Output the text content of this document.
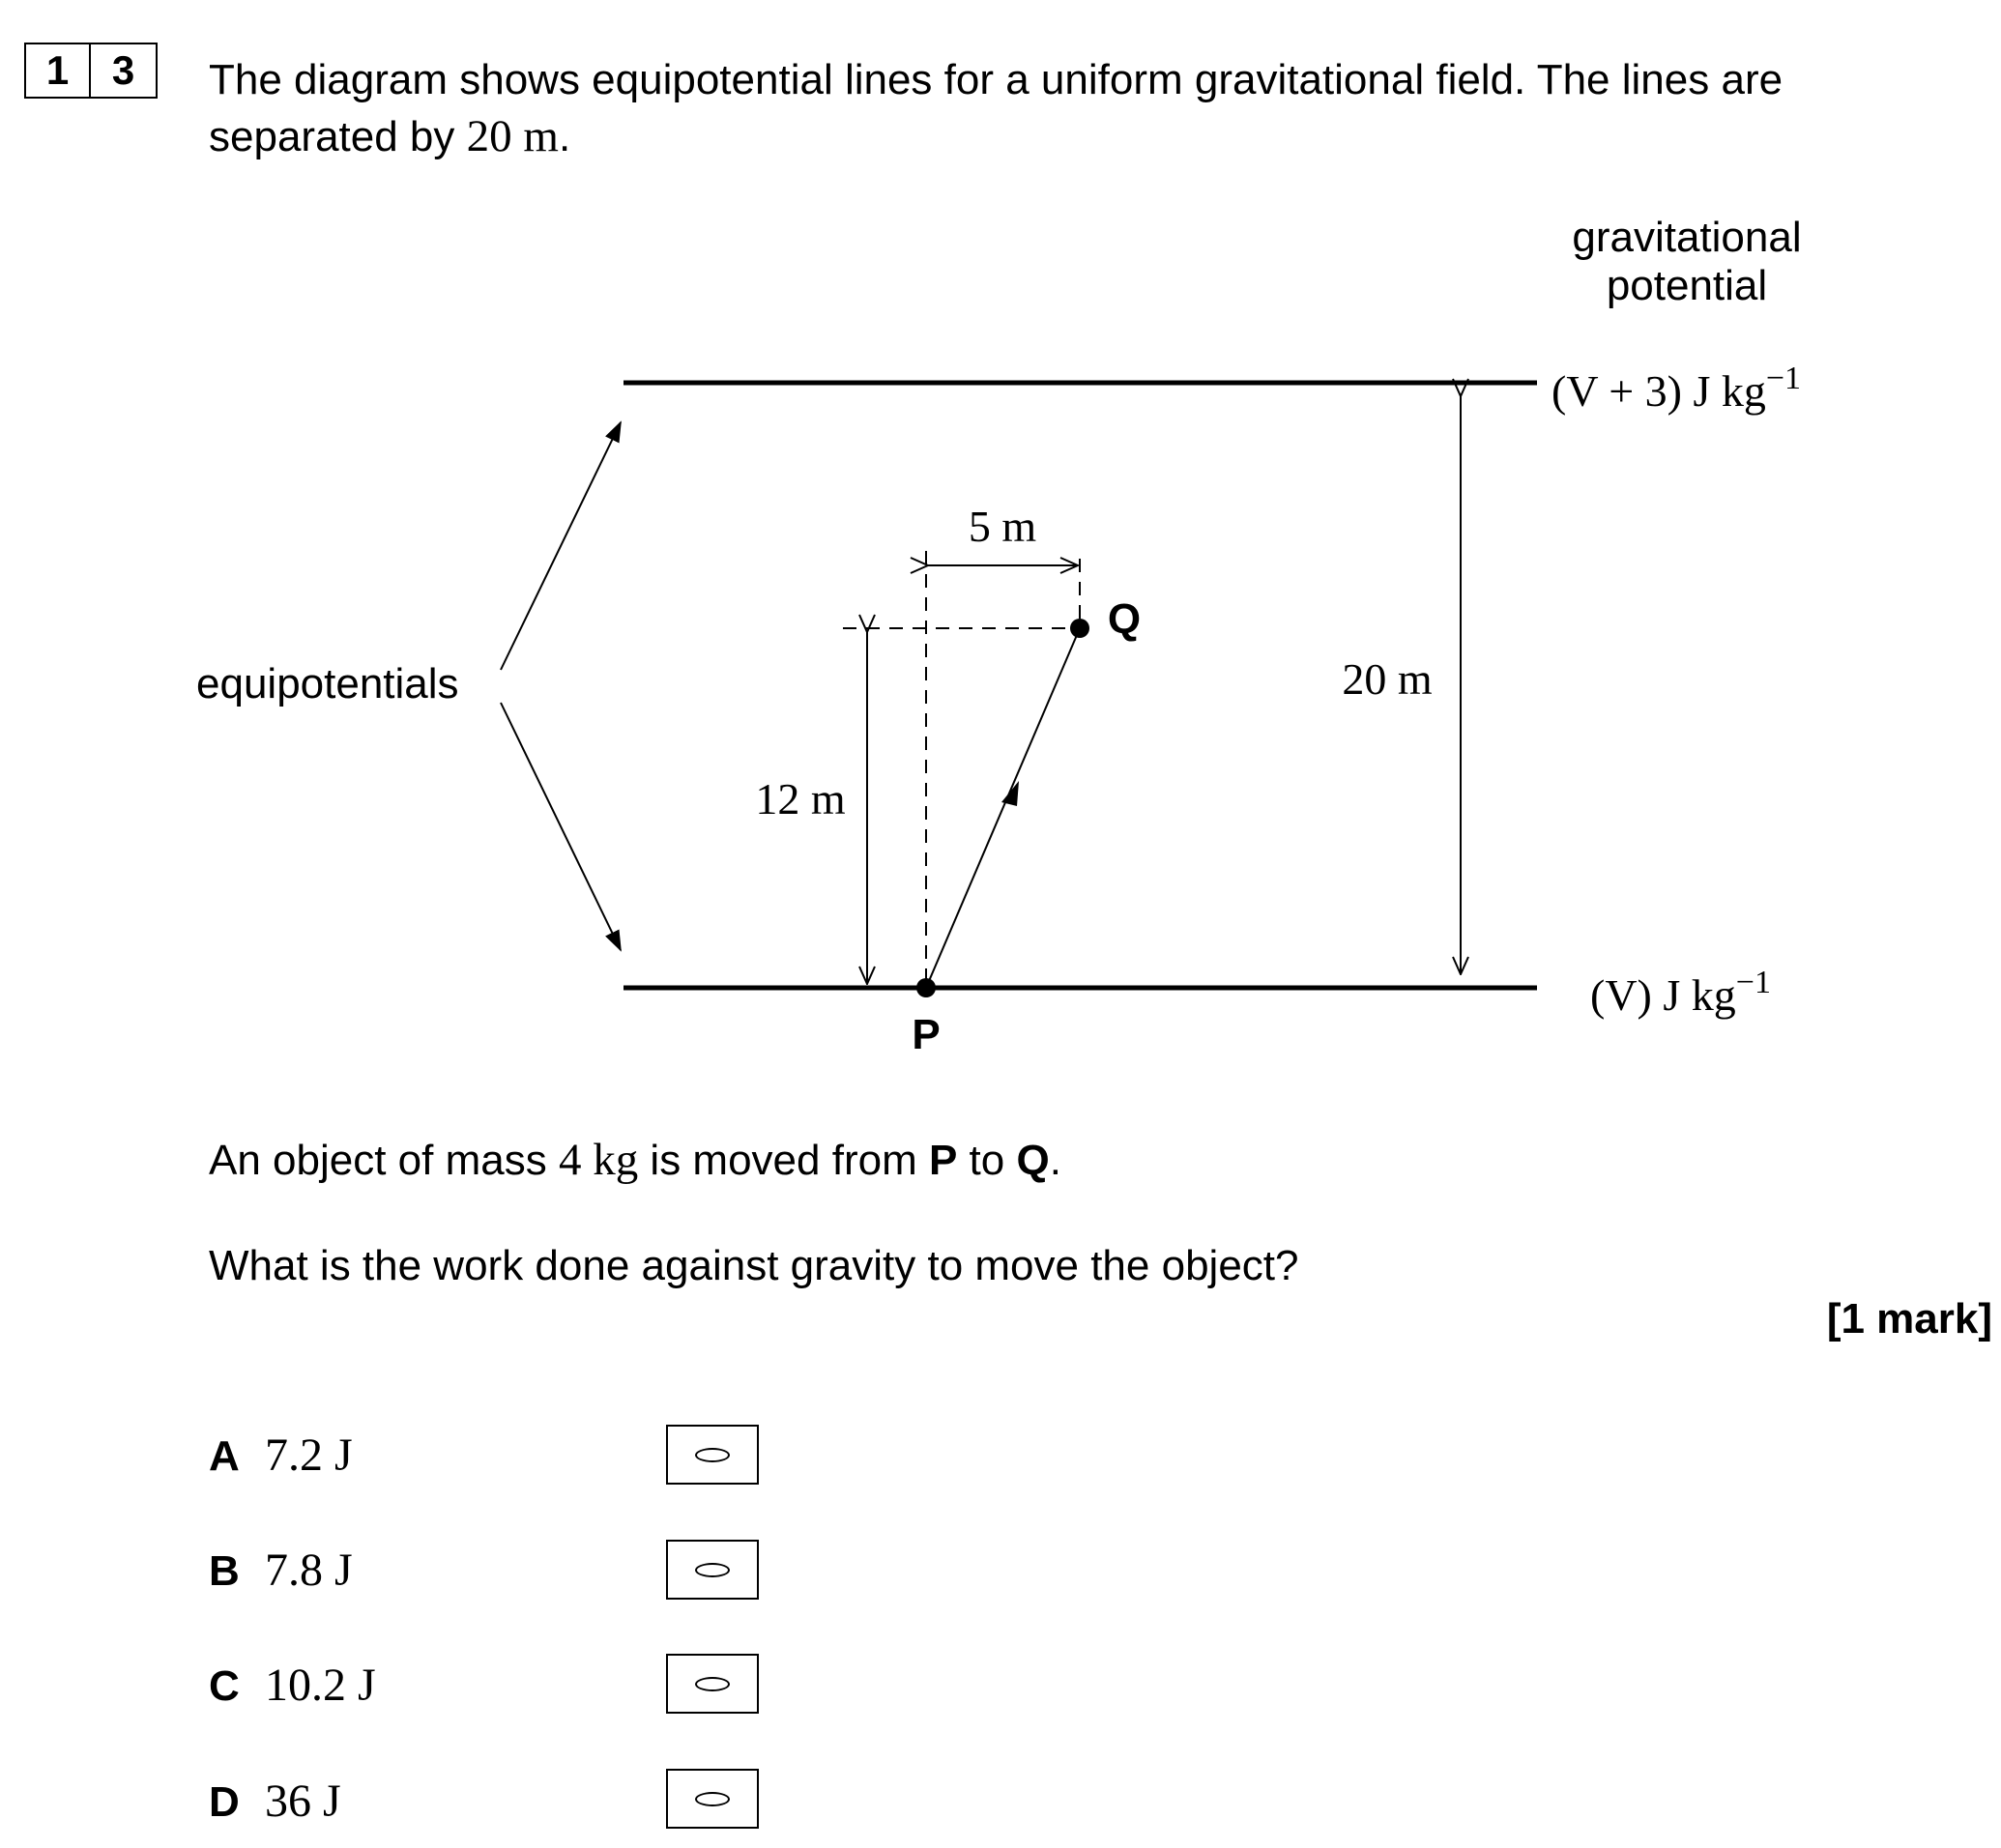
1	3	The diagram shows equipotential lines for a uniform gravitational field. The lines are separated by 20 m.
gravitational
potential
(V + 3) J $kg^{-1}$
(V) J $kg^{-1}$
equipotentials	20 m
5 m
12 m
P
Q
An object of mass 4 kg is moved from P to Q.
What is the work done against gravity to move the object?
[1 mark]
A 7.2 J
B 7.8 J
C 10.2 J
D 36 J
